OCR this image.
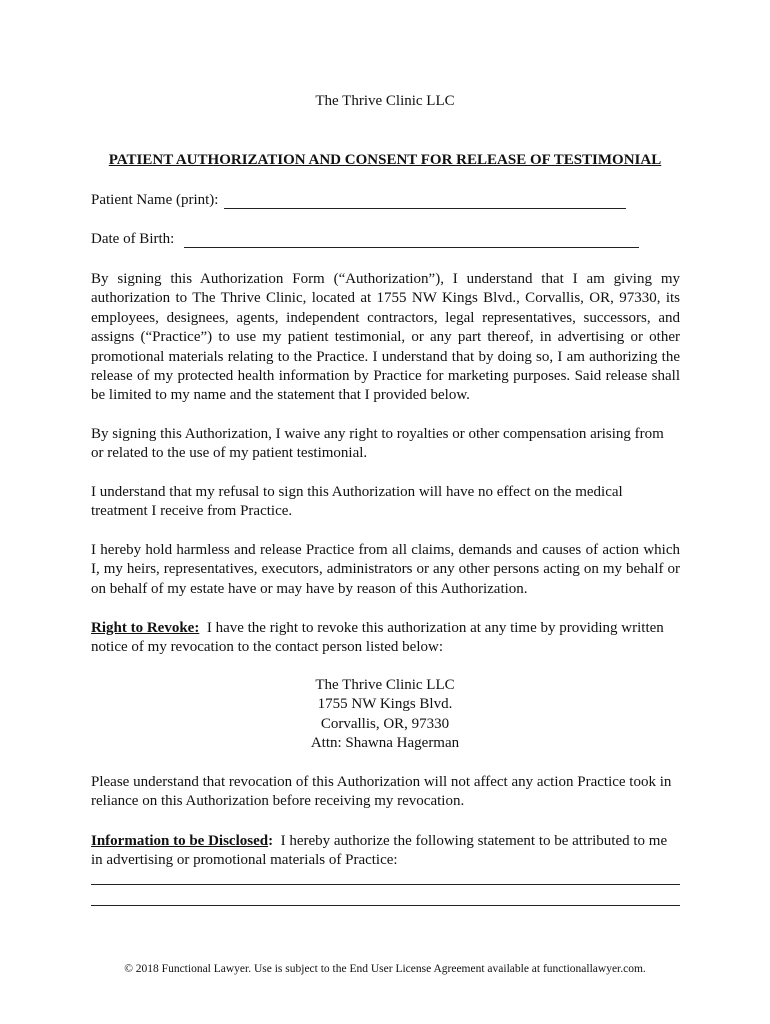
The Thrive Clinic LLC
PATIENT AUTHORIZATION AND CONSENT FOR RELEASE OF TESTIMONIAL
Patient Name (print):
Date of Birth:
By signing this Authorization Form (“Authorization”), I understand that I am giving my authorization to The Thrive Clinic, located at 1755 NW Kings Blvd., Corvallis, OR, 97330, its employees, designees, agents, independent contractors, legal representatives, successors, and assigns (“Practice”) to use my patient testimonial, or any part thereof, in advertising or other promotional materials relating to the Practice. I understand that by doing so, I am authorizing the release of my protected health information by Practice for marketing purposes. Said release shall be limited to my name and the statement that I provided below.
By signing this Authorization, I waive any right to royalties or other compensation arising from or related to the use of my patient testimonial.
I understand that my refusal to sign this Authorization will have no effect on the medical treatment I receive from Practice.
I hereby hold harmless and release Practice from all claims, demands and causes of action which I, my heirs, representatives, executors, administrators or any other persons acting on my behalf or on behalf of my estate have or may have by reason of this Authorization.
Right to Revoke:  I have the right to revoke this authorization at any time by providing written notice of my revocation to the contact person listed below:
The Thrive Clinic LLC
1755 NW Kings Blvd.
Corvallis, OR, 97330
Attn: Shawna Hagerman
Please understand that revocation of this Authorization will not affect any action Practice took in reliance on this Authorization before receiving my revocation.
Information to be Disclosed:  I hereby authorize the following statement to be attributed to me in advertising or promotional materials of Practice:
© 2018 Functional Lawyer. Use is subject to the End User License Agreement available at functionallawyer.com.
